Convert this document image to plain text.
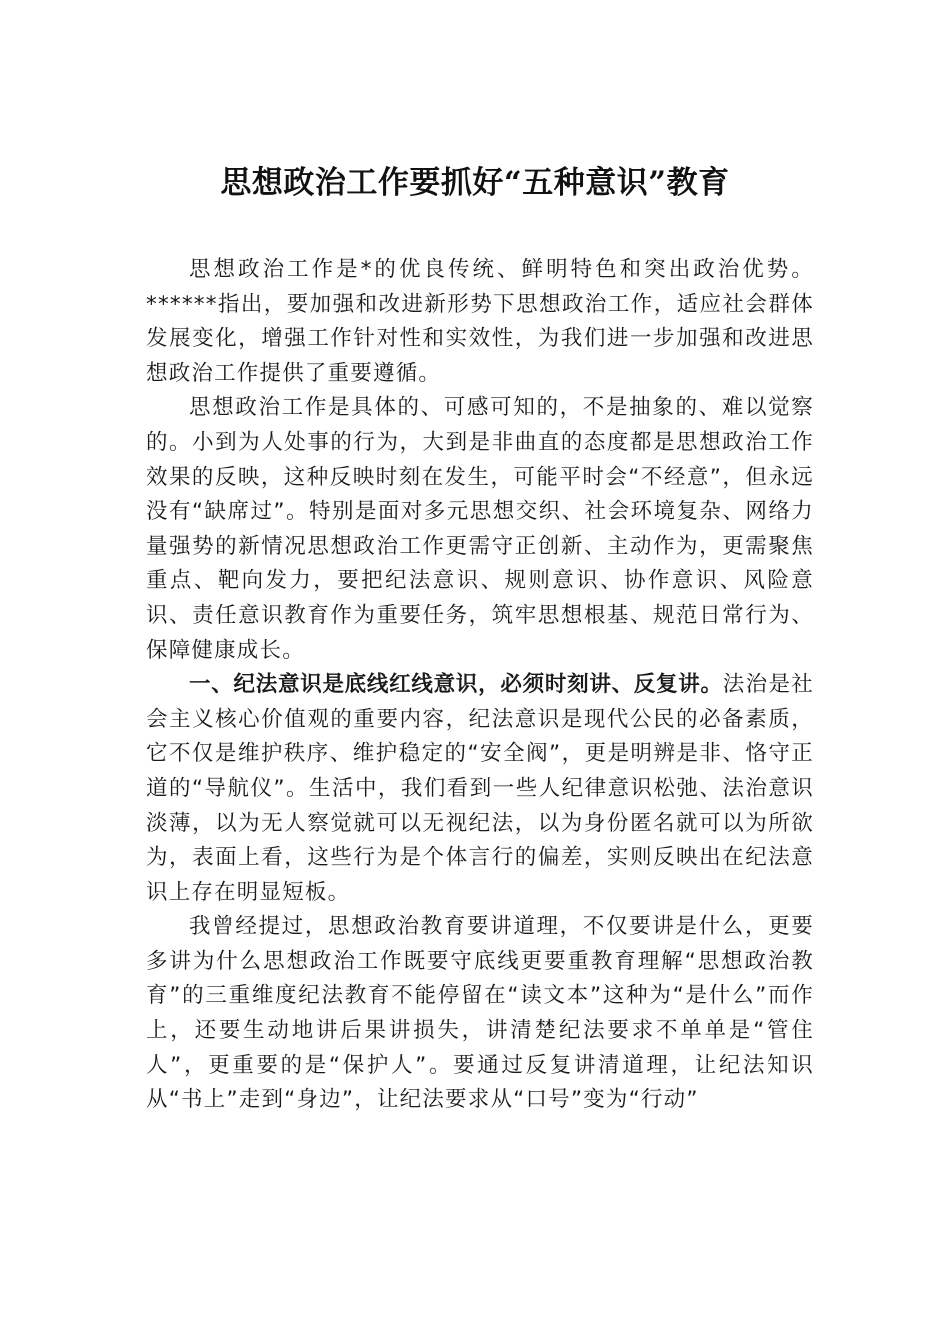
思想政治工作要抓好“五种意识”教育

思想政治工作是*的优良传统、鲜明特色和突出政治优势。******指出，要加强和改进新形势下思想政治工作，适应社会群体发展变化，增强工作针对性和实效性，为我们进一步加强和改进思想政治工作提供了重要遵循。

思想政治工作是具体的、可感可知的，不是抽象的、难以觉察的。小到为人处事的行为，大到是非曲直的态度都是思想政治工作效果的反映，这种反映时刻在发生，可能平时会“不经意”，但永远没有“缺席过”。特别是面对多元思想交织、社会环境复杂、网络力量强势的新情况思想政治工作更需守正创新、主动作为，更需聚焦重点、靶向发力，要把纪法意识、规则意识、协作意识、风险意识、责任意识教育作为重要任务，筑牢思想根基、规范日常行为、保障健康成长。

一、纪法意识是底线红线意识，必须时刻讲、反复讲。法治是社会主义核心价值观的重要内容，纪法意识是现代公民的必备素质，它不仅是维护秩序、维护稳定的“安全阀”，更是明辨是非、恪守正道的“导航仪”。生活中，我们看到一些人纪律意识松弛、法治意识淡薄，以为无人察觉就可以无视纪法，以为身份匿名就可以为所欲为，表面上看，这些行为是个体言行的偏差，实则反映出在纪法意识上存在明显短板。

我曾经提过，思想政治教育要讲道理，不仅要讲是什么，更要多讲为什么思想政治工作既要守底线更要重教育理解“思想政治教育”的三重维度纪法教育不能停留在“读文本”这种为“是什么”而作上，还要生动地讲后果讲损失，讲清楚纪法要求不单单是“管住人”，更重要的是“保护人”。要通过反复讲清道理，让纪法知识从“书上”走到“身边”，让纪法要求从“口号”变为“行动”
